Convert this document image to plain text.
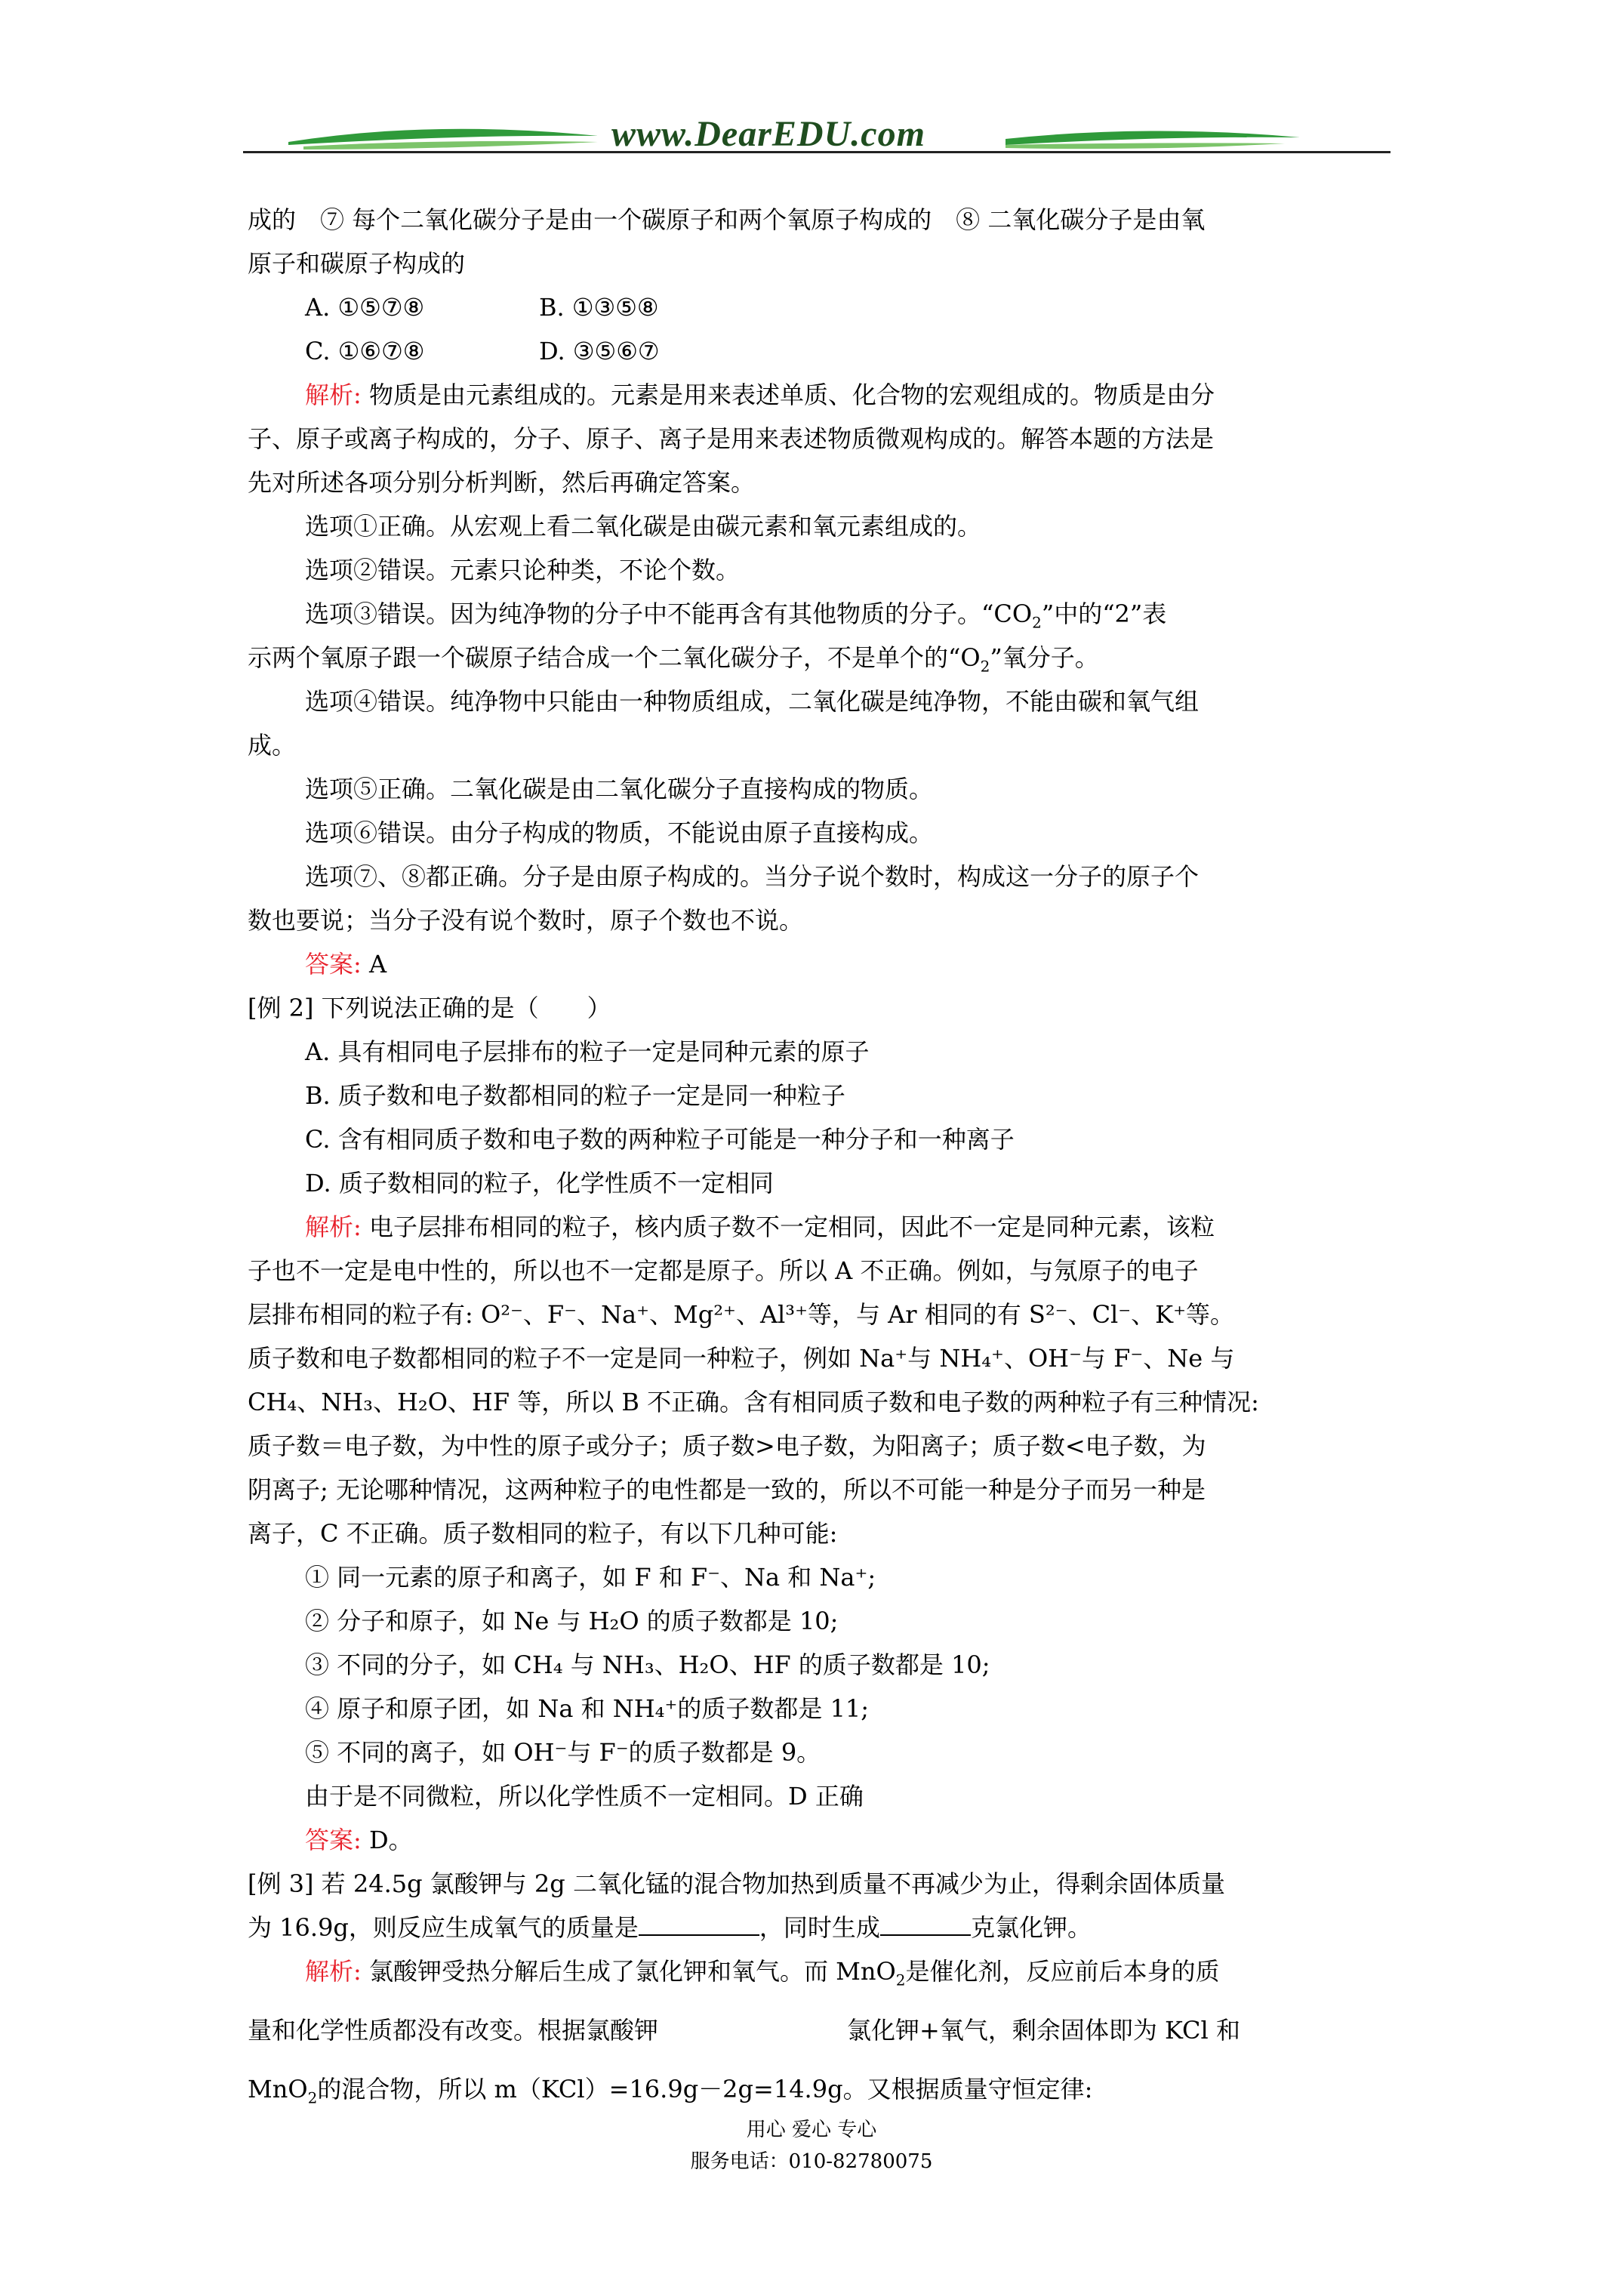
www.DearEDU.com

成的　⑦ 每个二氧化碳分子是由一个碳原子和两个氧原子构成的　⑧ 二氧化碳分子是由氧

原子和碳原子构成的

A. ①⑤⑦⑧	B. ①③⑤⑧

C. ①⑥⑦⑧	D. ③⑤⑥⑦

解析: 物质是由元素组成的。元素是用来表述单质、化合物的宏观组成的。物质是由分

子、原子或离子构成的，分子、原子、离子是用来表述物质微观构成的。解答本题的方法是

先对所述各项分别分析判断，然后再确定答案。

选项①正确。从宏观上看二氧化碳是由碳元素和氧元素组成的。

选项②错误。元素只论种类，不论个数。

选项③错误。因为纯净物的分子中不能再含有其他物质的分子。“$CO_2$”中的“2”表

示两个氧原子跟一个碳原子结合成一个二氧化碳分子，不是单个的“$O_2$”氧分子。

选项④错误。纯净物中只能由一种物质组成，二氧化碳是纯净物，不能由碳和氧气组

成。

选项⑤正确。二氧化碳是由二氧化碳分子直接构成的物质。

选项⑥错误。由分子构成的物质，不能说由原子直接构成。

选项⑦、⑧都正确。分子是由原子构成的。当分子说个数时，构成这一分子的原子个

数也要说；当分子没有说个数时，原子个数也不说。

答案: A

[例 2] 下列说法正确的是（　　）

A. 具有相同电子层排布的粒子一定是同种元素的原子

B. 质子数和电子数都相同的粒子一定是同一种粒子

C. 含有相同质子数和电子数的两种粒子可能是一种分子和一种离子

D. 质子数相同的粒子，化学性质不一定相同

解析: 电子层排布相同的粒子，核内质子数不一定相同，因此不一定是同种元素，该粒

子也不一定是电中性的，所以也不一定都是原子。所以 A 不正确。例如，与氖原子的电子

层排布相同的粒子有: O²⁻、F⁻、Na⁺、Mg²⁺、Al³⁺等，与 Ar 相同的有 S²⁻、Cl⁻、K⁺等。

质子数和电子数都相同的粒子不一定是同一种粒子，例如 Na⁺与 NH₄⁺、OH⁻与 F⁻、Ne 与

CH₄、NH₃、H₂O、HF 等，所以 B 不正确。含有相同质子数和电子数的两种粒子有三种情况:

质子数＝电子数，为中性的原子或分子；质子数>电子数，为阳离子；质子数<电子数，为

阴离子; 无论哪种情况，这两种粒子的电性都是一致的，所以不可能一种是分子而另一种是

离子，C 不正确。质子数相同的粒子，有以下几种可能:

① 同一元素的原子和离子，如 F 和 F⁻、Na 和 Na⁺;

② 分子和原子，如 Ne 与 H₂O 的质子数都是 10;

③ 不同的分子，如 CH₄ 与 NH₃、H₂O、HF 的质子数都是 10;

④ 原子和原子团，如 Na 和 NH₄⁺的质子数都是 11;

⑤ 不同的离子，如 OH⁻与 F⁻的质子数都是 9。

由于是不同微粒，所以化学性质不一定相同。D 正确

答案: D。

[例 3] 若 24.5g 氯酸钾与 2g 二氧化锰的混合物加热到质量不再减少为止，得剩余固体质量

为 16.9g，则反应生成氧气的质量是	，同时生成	克氯化钾。

解析: 氯酸钾受热分解后生成了氯化钾和氧气。而 MnO$_2$是催化剂，反应前后本身的质

量和化学性质都没有改变。根据氯酸钾	氯化钾+氧气，剩余固体即为 KCl 和

MnO$_2$的混合物，所以 m（KCl）=16.9g－2g=14.9g。又根据质量守恒定律:

用心 爱心 专心
服务电话：010-82780075
